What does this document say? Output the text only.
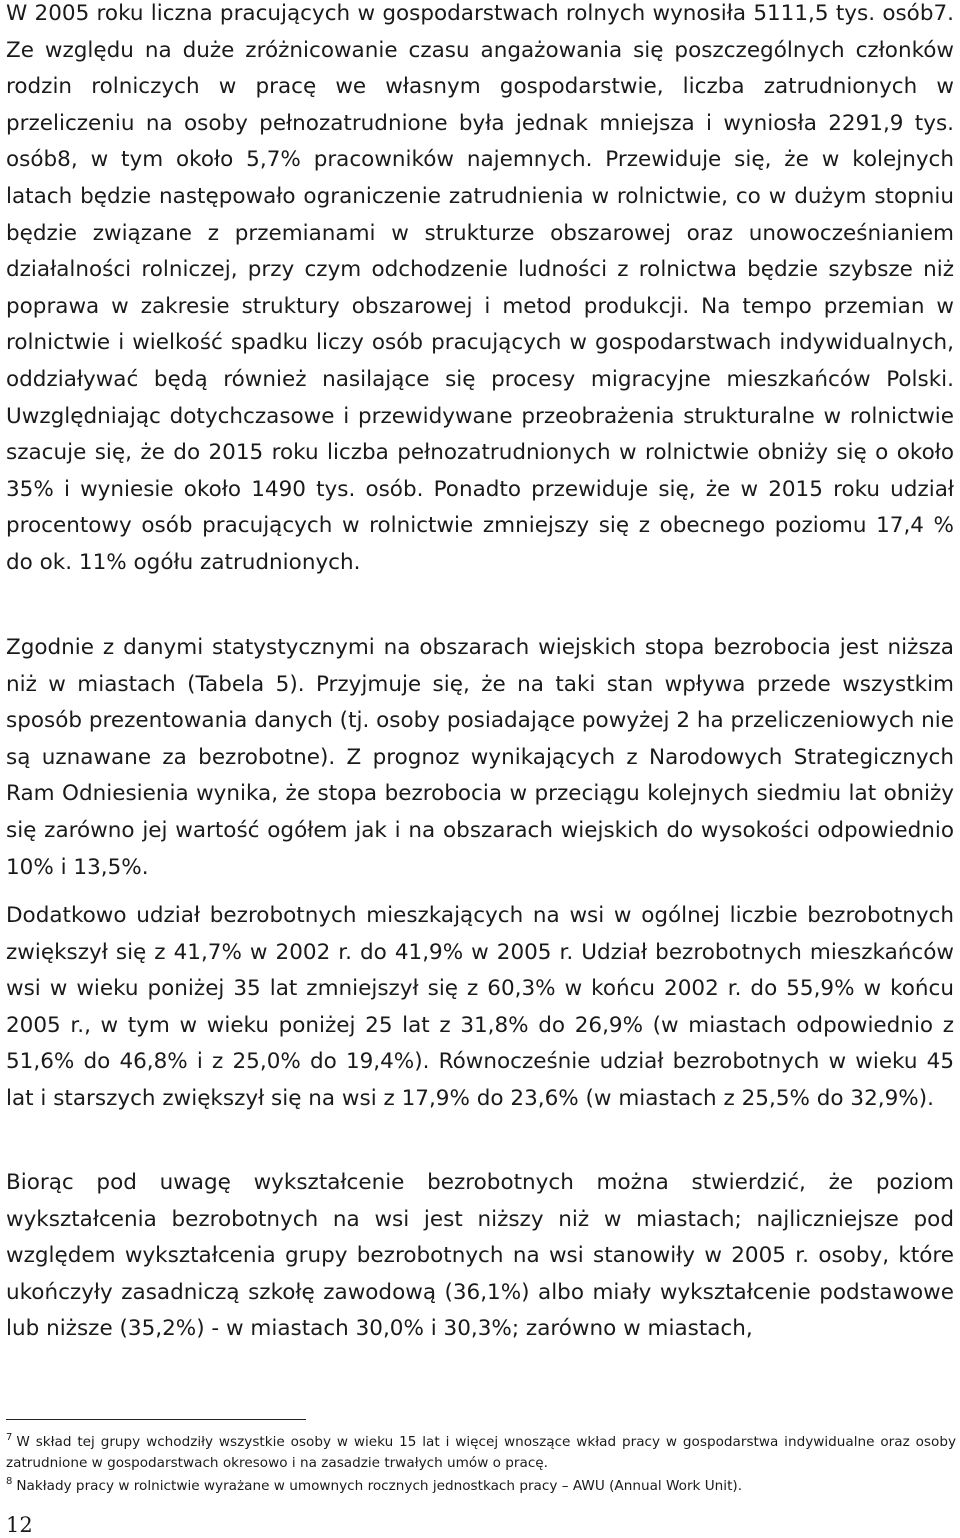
W 2005 roku liczna pracujących w gospodarstwach rolnych wynosiła 5111,5 tys. osób7. Ze względu na duże zróżnicowanie czasu angażowania się poszczególnych członków rodzin rolniczych w pracę we własnym gospodarstwie, liczba zatrudnionych w przeliczeniu na osoby pełnozatrudnione była jednak mniejsza i wyniosła 2291,9 tys. osób8, w tym około 5,7% pracowników najemnych. Przewiduje się, że w kolejnych latach będzie następowało ograniczenie zatrudnienia w rolnictwie, co w dużym stopniu będzie związane z przemianami w strukturze obszarowej oraz unowocześnianiem działalności rolniczej, przy czym odchodzenie ludności z rolnictwa będzie szybsze niż poprawa w zakresie struktury obszarowej i metod produkcji. Na tempo przemian w rolnictwie i wielkość spadku liczy osób pracujących w gospodarstwach indywidualnych, oddziaływać będą również nasilające się procesy migracyjne mieszkańców Polski. Uwzględniając dotychczasowe i przewidywane przeobrażenia strukturalne w rolnictwie szacuje się, że do 2015 roku liczba pełnozatrudnionych w rolnictwie obniży się o około 35% i wyniesie około 1490 tys. osób. Ponadto przewiduje się, że w 2015 roku udział procentowy osób pracujących w rolnictwie zmniejszy się z obecnego poziomu 17,4 % do ok. 11% ogółu zatrudnionych.

Zgodnie z danymi statystycznymi na obszarach wiejskich stopa bezrobocia jest niższa niż w miastach (Tabela 5). Przyjmuje się, że na taki stan wpływa przede wszystkim sposób prezentowania danych (tj. osoby posiadające powyżej 2 ha przeliczeniowych nie są uznawane za bezrobotne). Z prognoz wynikających z Narodowych Strategicznych Ram Odniesienia wynika, że stopa bezrobocia w przeciągu kolejnych siedmiu lat obniży się zarówno jej wartość ogółem jak i na obszarach wiejskich do wysokości odpowiednio 10% i 13,5%.

Dodatkowo udział bezrobotnych mieszkających na wsi w ogólnej liczbie bezrobotnych zwiększył się z 41,7% w 2002 r. do 41,9% w 2005 r. Udział bezrobotnych mieszkańców wsi w wieku poniżej 35 lat zmniejszył się z 60,3% w końcu 2002 r. do 55,9% w końcu 2005 r., w tym w wieku poniżej 25 lat z 31,8% do 26,9% (w miastach odpowiednio z 51,6% do 46,8% i z 25,0% do 19,4%). Równocześnie udział bezrobotnych w wieku 45 lat i starszych zwiększył się na wsi z 17,9% do 23,6% (w miastach z 25,5% do 32,9%).

Biorąc pod uwagę wykształcenie bezrobotnych można stwierdzić, że poziom wykształcenia bezrobotnych na wsi jest niższy niż w miastach; najliczniejsze pod względem wykształcenia grupy bezrobotnych na wsi stanowiły w 2005 r. osoby, które ukończyły zasadniczą szkołę zawodową (36,1%) albo miały wykształcenie podstawowe lub niższe (35,2%) - w miastach 30,0% i 30,3%; zarówno w miastach,

$^7$ W skład tej grupy wchodziły wszystkie osoby w wieku 15 lat i więcej wnoszące wkład pracy w gospodarstwa indywidualne oraz osoby zatrudnione w gospodarstwach okresowo i na zasadzie trwałych umów o pracę.

$^8$ Nakłady pracy w rolnictwie wyrażane w umownych rocznych jednostkach pracy – AWU (Annual Work Unit).

12
